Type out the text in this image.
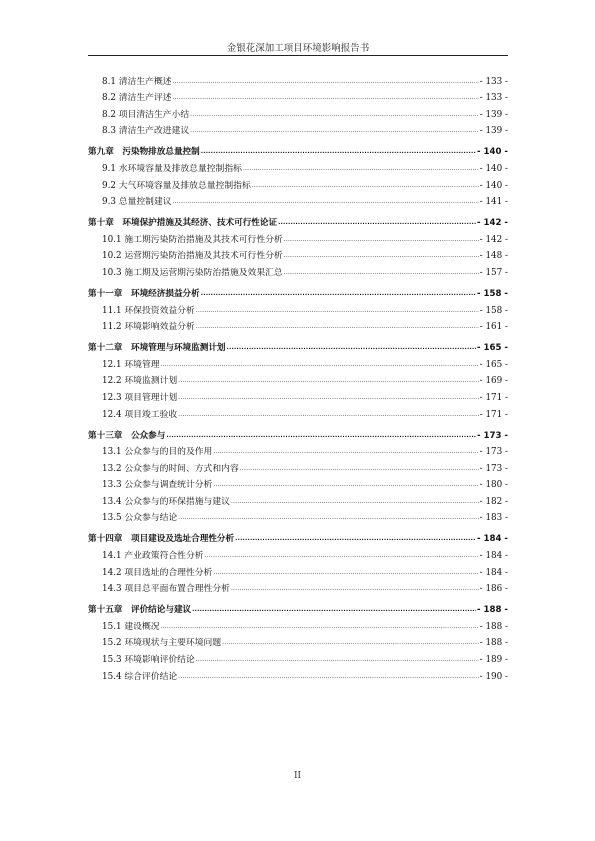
金银花深加工项目环境影响报告书
8.1 清洁生产概述 .....	- 133 -
8.2 清洁生产评述 .....	- 133 -
8.2 项目清洁生产小结 .....	- 139 -
8.3 清洁生产改进建议 .....	- 139 -
第九章　污染物排放总量控制 .....	- 140 -
9.1 水环境容量及排放总量控制指标 .....	- 140 -
9.2 大气环境容量及排放总量控制指标 .....	- 140 -
9.3 总量控制建议 .....	- 141 -
第十章　环境保护措施及其经济、技术可行性论证 .....	- 142 -
10.1 施工期污染防治措施及其技术可行性分析 .....	- 142 -
10.2 运营期污染防治措施及其技术可行性分析 .....	- 148 -
10.3 施工期及运营期污染防治措施及效果汇总 .....	- 157 -
第十一章　环境经济损益分析 .....	- 158 -
11.1 环保投资效益分析 .....	- 158 -
11.2 环境影响效益分析 .....	- 161 -
第十二章　环境管理与环境监测计划 .....	- 165 -
12.1 环境管理 .....	- 165 -
12.2 环境监测计划 .....	- 169 -
12.3 项目管理计划 .....	- 171 -
12.4 项目竣工验收 .....	- 171 -
第十三章　公众参与 .....	- 173 -
13.1 公众参与的目的及作用 .....	- 173 -
13.2 公众参与的时间、方式和内容 .....	- 173 -
13.3 公众参与调查统计分析 .....	- 180 -
13.4 公众参与的环保措施与建议 .....	- 182 -
13.5 公众参与结论 .....	- 183 -
第十四章　项目建设及选址合理性分析 .....	- 184 -
14.1 产业政策符合性分析 .....	- 184 -
14.2 项目选址的合理性分析 .....	- 184 -
14.3 项目总平面布置合理性分析 .....	- 186 -
第十五章　评价结论与建议 .....	- 188 -
15.1 建设概况 .....	- 188 -
15.2 环境现状与主要环境问题 .....	- 188 -
15.3 环境影响评价结论 .....	- 189 -
15.4 综合评价结论 .....	- 190 -
II
